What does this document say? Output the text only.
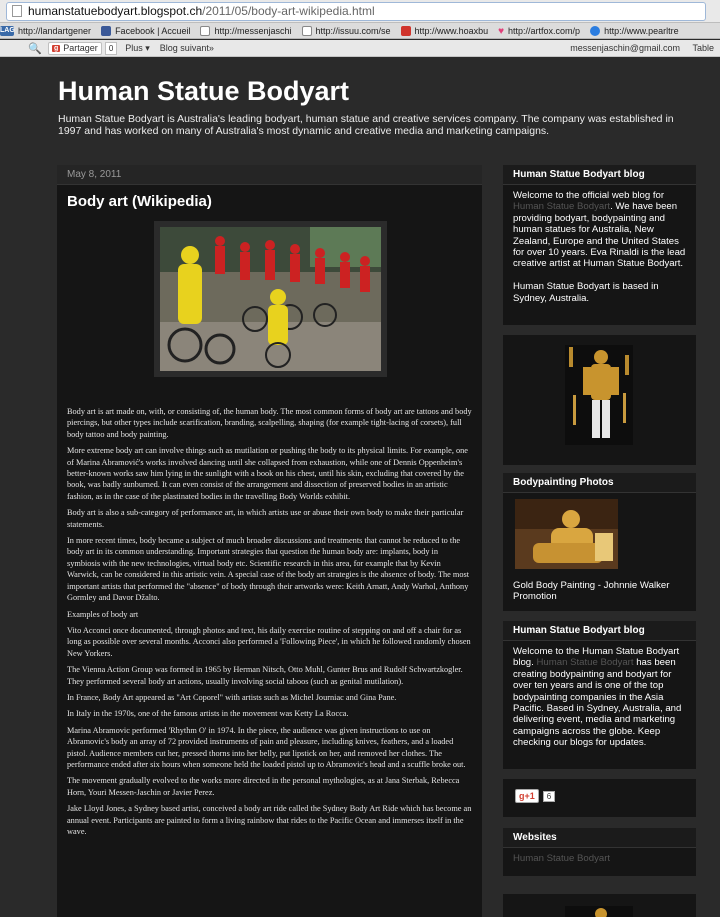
humanstatuebodyart.blogspot.ch /2011/05/body-art-wikipedia.html
LAG http://landartgener	Facebook | Accueil	http://messenjaschi	http://issuu.com/se	http://www.hoaxbu ♥ http://artfox.com/p	http://www.pearltre
🔍	g Partager	0	Plus ▾ Blog suivant»	messenjaschin@gmail.com Table
Human Statue Bodyart
Human Statue Bodyart is Australia's leading bodyart, human statue and creative services company. The company was established in 1997 and has worked on many of Australia's most dynamic and creative media and marketing campaigns.
May 8, 2011
Body art (Wikipedia)

Body art is art made on, with, or consisting of, the human body. The most common forms of body art are tattoos and body piercings, but other types include scarification, branding, scalpelling, shaping (for example tight-lacing of corsets), full body tattoo and body painting.

More extreme body art can involve things such as mutilation or pushing the body to its physical limits. For example, one of Marina Abramović's works involved dancing until she collapsed from exhaustion, while one of Dennis Oppenheim's better-known works saw him lying in the sunlight with a book on his chest, until his skin, excluding that covered by the book, was badly sunburned. It can even consist of the arrangement and dissection of preserved bodies in an artistic fashion, as in the case of the plastinated bodies in the travelling Body Worlds exhibit.

Body art is also a sub-category of performance art, in which artists use or abuse their own body to make their particular statements.

In more recent times, body became a subject of much broader discussions and treatments that cannot be reduced to the body art in its common understanding. Important strategies that question the human body are: implants, body in symbiosis with the new technologies, virtual body etc. Scientific research in this area, for example that by Kevin Warwick, can be considered in this artistic vein. A special case of the body art strategies is the absence of body. The most important artists that performed the "absence" of body through their artworks were: Keith Arnatt, Andy Warhol, Anthony Gormley and Davor Džalto.

Examples of body art

Vito Acconci once documented, through photos and text, his daily exercise routine of stepping on and off a chair for as long as possible over several months. Acconci also performed a 'Following Piece', in which he followed randomly chosen New Yorkers.

The Vienna Action Group was formed in 1965 by Herman Nitsch, Otto Muhl, Gunter Brus and Rudolf Schwartzkogler. They performed several body art actions, usually involving social taboos (such as genital mutilation).

In France, Body Art appeared as "Art Coporel" with artists such as Michel Journiac and Gina Pane.

In Italy in the 1970s, one of the famous artists in the movement was Ketty La Rocca.

Marina Abramovic performed 'Rhythm O' in 1974. In the piece, the audience was given instructions to use on Abramovic's body an array of 72 provided instruments of pain and pleasure, including knives, feathers, and a loaded pistol. Audience members cut her, pressed thorns into her belly, put lipstick on her, and removed her clothes. The performance ended after six hours when someone held the loaded pistol up to Abramovic's head and a scuffle broke out.

The movement gradually evolved to the works more directed in the personal mythologies, as at Jana Sterbak, Rebecca Horn, Youri Messen-Jaschin or Javier Perez.

Jake Lloyd Jones, a Sydney based artist, conceived a body art ride called the Sydney Body Art Ride which has become an annual event. Participants are painted to form a living rainbow that rides to the Pacific Ocean and immerses itself in the wave.

Human Statue Bodyart blog
Welcome to the official web blog for Human Statue Bodyart. We have been providing bodyart, bodypainting and human statues for Australia, New Zealand, Europe and the United States for over 10 years. Eva Rinaldi is the lead creative artist at Human Statue Bodyart.

Human Statue Bodyart is based in Sydney, Australia.
Bodypainting Photos
Gold Body Painting - Johnnie Walker Promotion
Human Statue Bodyart blog
Welcome to the Human Statue Bodyart blog. Human Statue Bodyart has been creating bodypainting and bodyart for over ten years and is one of the top bodypainting companies in the Asia Pacific. Based in Sydney, Australia, and delivering event, media and marketing campaigns across the globe. Keep checking our blogs for updates.
g+1	6
Websites
Human Statue Bodyart
